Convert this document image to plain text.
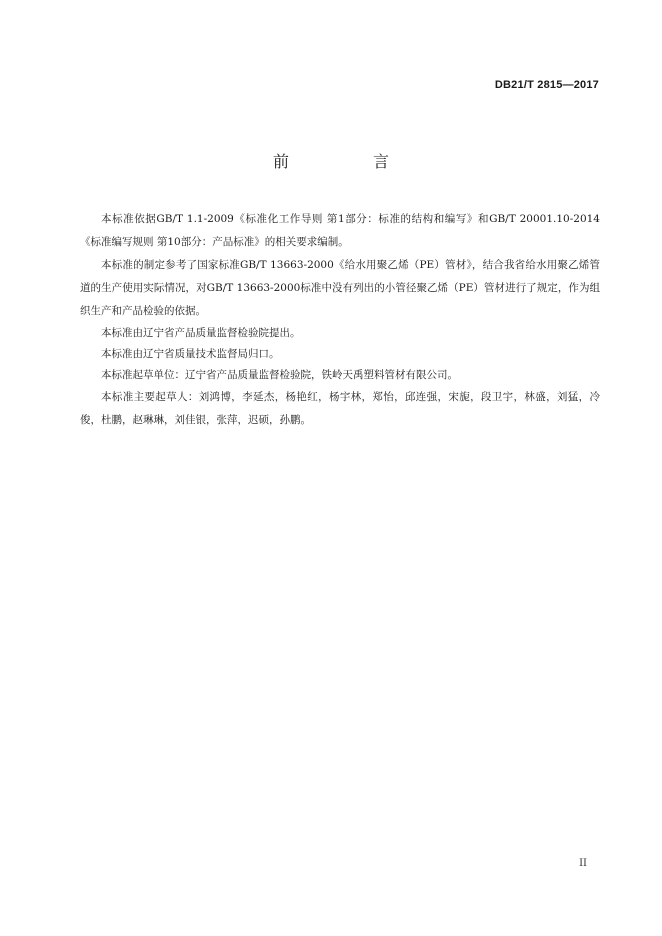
DB21/T 2815—2017
前　言

本标准依据GB/T 1.1-2009《标准化工作导则 第1部分：标准的结构和编写》和GB/T 20001.10-2014《标准编写规则 第10部分：产品标准》的相关要求编制。

本标准的制定参考了国家标准GB/T 13663-2000《给水用聚乙烯（PE）管材》，结合我省给水用聚乙烯管道的生产使用实际情况，对GB/T 13663-2000标准中没有列出的小管径聚乙烯（PE）管材进行了规定，作为组织生产和产品检验的依据。

本标准由辽宁省产品质量监督检验院提出。

本标准由辽宁省质量技术监督局归口。

本标准起草单位：辽宁省产品质量监督检验院，铁岭天禹塑料管材有限公司。

本标准主要起草人：刘鸿博，李延杰，杨艳红，杨宇林，郑怡，邱连强，宋旎，段卫宇，林盛，刘猛，冷俊，杜鹏，赵琳琳，刘佳银，张萍，迟硕，孙鹏。

II
